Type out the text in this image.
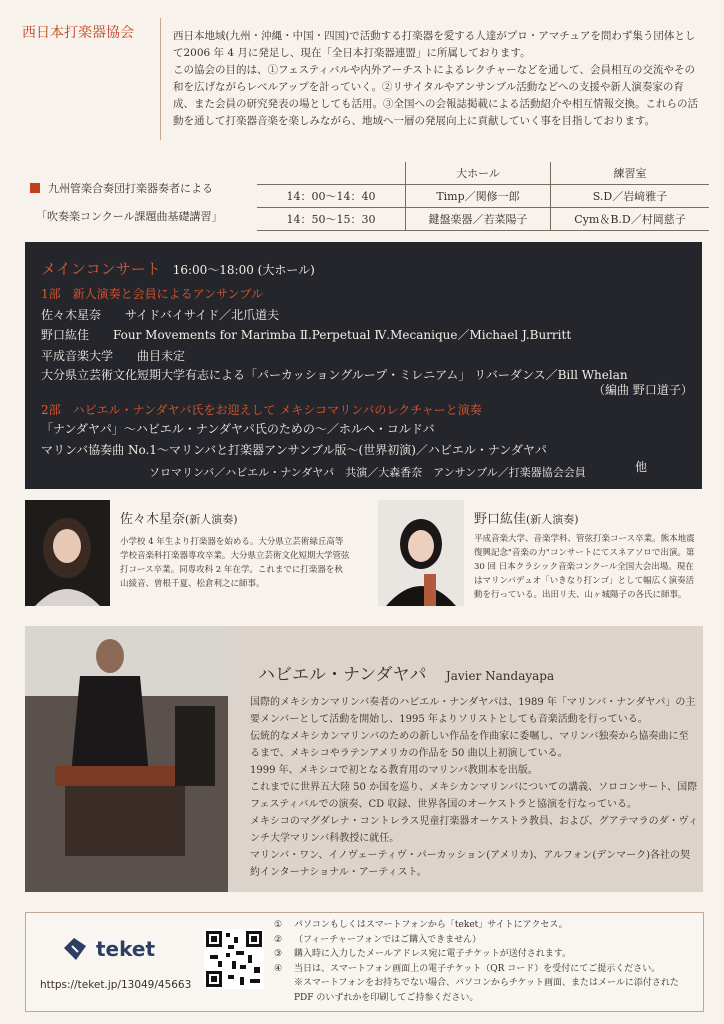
西日本打楽器協会	西日本地域(九州・沖縄・中国・四国)で活動する打楽器を愛する人達がプロ・アマチュアを問わず集う団体として2006 年 4 月に発足し、現在「全日本打楽器連盟」に所属しております。

この協会の目的は、①フェスティバルや内外アーチストによるレクチャーなどを通して、会員相互の交流やその和を広げながらレベルアップを計っていく。②リサイタルやアンサンブル活動などへの支援や新人演奏家の育成、また会員の研究発表の場としても活用。③全国への会報誌掲載による活動紹介や相互情報交換。これらの活動を通して打楽器音楽を楽しみながら、地域へ一層の発展向上に貢献していく事を目指しております。

九州管楽合奏団打楽器奏者による
「吹奏楽コンクール課題曲基礎講習」
	大ホール	練習室
14：00〜14：40	Timp／関修一郎	S.D／岩﨑雅子
14：50〜15：30	鍵盤楽器／若菜陽子	Cym＆B.D／村岡慈子
メインコンサート 16:00〜18:00 (大ホール)
1部　新人演奏と会員によるアンサンブル
佐々木星奈　　サイドバイサイド／北爪道夫
野口紘佳　　Four Movements for Marimba Ⅱ.Perpetual Ⅳ.Mecanique／Michael J.Burritt
平成音楽大学　　曲目未定
大分県立芸術文化短期大学有志による「パーカッショングループ・ミレニアム」 リバーダンス／Bill Whelan
（編曲 野口道子）
2部　ハビエル・ナンダヤパ氏をお迎えして メキシコマリンバのレクチャーと演奏
「ナンダヤパ」〜ハビエル・ナンダヤパ氏のための〜／ホルヘ・コルドバ
マリンバ協奏曲 No.1〜マリンバと打楽器アンサンブル版〜(世界初演)／ハビエル・ナンダヤパ
ソロマリンバ／ハビエル・ナンダヤパ　共演／大森香奈　アンサンブル／打楽器協会会員	他
佐々木星奈(新人演奏)
小学校 4 年生より打楽器を始める。大分県立芸術緑丘高等学校音楽科打楽器専攻卒業。大分県立芸術文化短期大学管弦打コース卒業。同専攻科 2 年在学。これまでに打楽器を秋山綾音、曽根千夏、松倉利之に師事。
野口紘佳(新人演奏)
平成音楽大学、音楽学科、管弦打楽コース卒業。熊本地震復興記念"音楽の力"コンサートにてスネアソロで出演。第 30 回 日本クラシック音楽コンクール全国大会出場。現在はマリンバデュオ「いきなり打ンゴ」として幅広く演奏活動を行っている。出田リ夫、山ヶ城陽子の各氏に師事。
ハビエル・ナンダヤパ Javier Nandayapa

国際的メキシカンマリンバ奏者のハビエル・ナンダヤパは、1989 年「マリンバ・ナンダヤパ」の主要メンバーとして活動を開始し、1995 年よりソリストとしても音楽活動を行っている。

伝統的なメキシカンマリンバのための新しい作品を作曲家に委嘱し、マリンバ独奏から協奏曲に至るまで、メキシコやラテンアメリカの作品を 50 曲以上初演している。

1999 年、メキシコで初となる教育用のマリンバ教則本を出版。

これまでに世界五大陸 50 か国を巡り、メキシカンマリンバについての講義、ソロコンサート、国際フェスティバルでの演奏、CD 収録、世界各国のオーケストラと協演を行なっている。

メキシコのマグダレナ・コントレラス児童打楽器オーケストラ教員、および、グアテマラのダ・ヴィンチ大学マリンバ科教授に就任。

マリンバ・ワン、イノヴェーティヴ・パーカッション(アメリカ)、アルフォン(デンマーク)各社の契約インターナショナル・アーティスト。

teket
https://teket.jp/13049/45663
①	パソコンもしくはスマートフォンから「teket」サイトにアクセス。
②	（フィーチャーフォンではご購入できません）
③	購入時に入力したメールアドレス宛に電子チケットが送付されます。
④	当日は、スマートフォン画面上の電子チケット（QR コード）を受付にてご提示ください。
※スマートフォンをお持ちでない場合、パソコンからチケット画面、またはメールに添付された PDF のいずれかを印刷してご持参ください。
